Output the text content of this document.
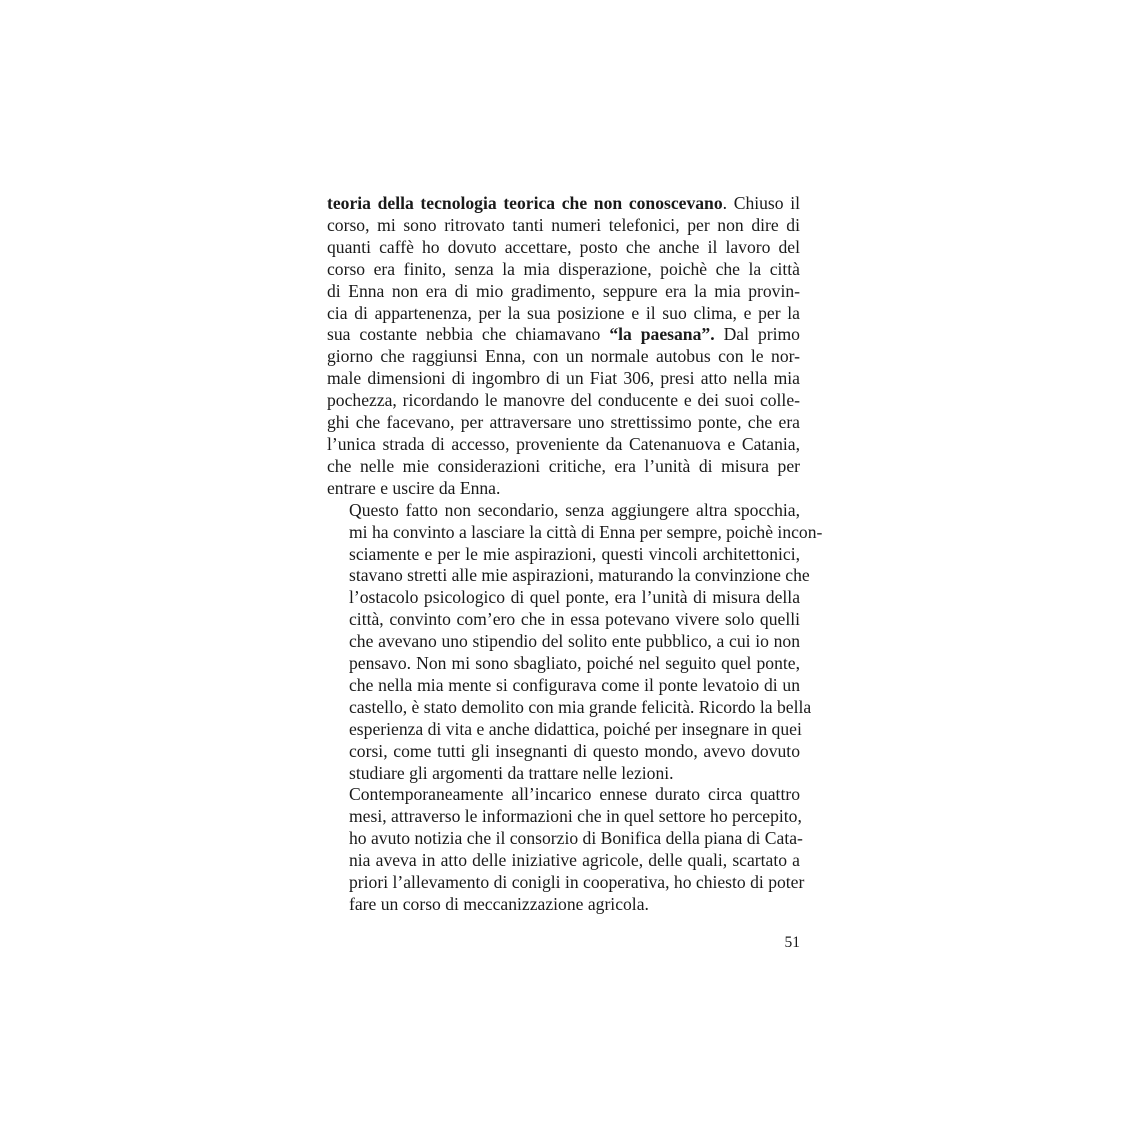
teoria della tecnologia teorica che non conoscevano. Chiuso il
corso, mi sono ritrovato tanti numeri telefonici, per non dire di
quanti caffè ho dovuto accettare, posto che anche il lavoro del
corso era finito, senza la mia disperazione, poichè che la città
di Enna non era di mio gradimento, seppure era la mia provin-
cia di appartenenza, per la sua posizione e il suo clima, e per la
sua costante nebbia che chiamavano “la paesana”. Dal primo
giorno che raggiunsi Enna, con un normale autobus con le nor-
male dimensioni di ingombro di un Fiat 306, presi atto nella mia
pochezza, ricordando le manovre del conducente e dei suoi colle-
ghi che facevano, per attraversare uno strettissimo ponte, che era
l’unica strada di accesso, proveniente da Catenanuova e Catania,
che nelle mie considerazioni critiche, era l’unità di misura per
entrare e uscire da Enna.

Questo fatto non secondario, senza aggiungere altra spocchia,
mi ha convinto a lasciare la città di Enna per sempre, poichè incon-
sciamente e per le mie aspirazioni, questi vincoli architettonici,
stavano stretti alle mie aspirazioni, maturando la convinzione che
l’ostacolo psicologico di quel ponte, era l’unità di misura della
città, convinto com’ero che in essa potevano vivere solo quelli
che avevano uno stipendio del solito ente pubblico, a cui io non
pensavo. Non mi sono sbagliato, poiché nel seguito quel ponte,
che nella mia mente si configurava come il ponte levatoio di un
castello, è stato demolito con mia grande felicità. Ricordo la bella
esperienza di vita e anche didattica, poiché per insegnare in quei
corsi, come tutti gli insegnanti di questo mondo, avevo dovuto
studiare gli argomenti da trattare nelle lezioni.

Contemporaneamente all’incarico ennese durato circa quattro
mesi, attraverso le informazioni che in quel settore ho percepito,
ho avuto notizia che il consorzio di Bonifica della piana di Cata-
nia aveva in atto delle iniziative agricole, delle quali, scartato a
priori l’allevamento di conigli in cooperativa, ho chiesto di poter
fare un corso di meccanizzazione agricola.

51
